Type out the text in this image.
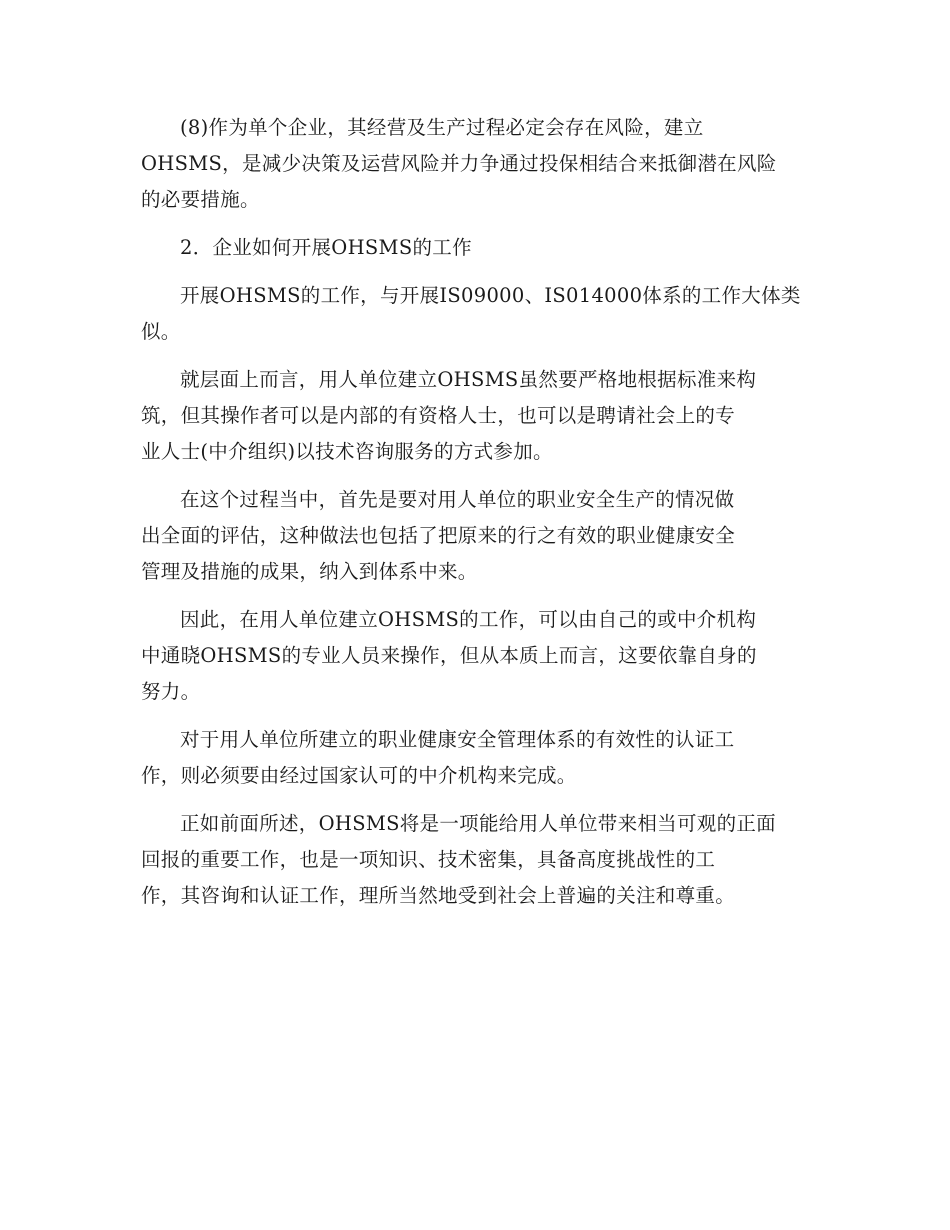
(8)作为单个企业，其经营及生产过程必定会存在风险，建立
OHSMS，是减少决策及运营风险并力争通过投保相结合来抵御潜在风险
的必要措施。

2．企业如何开展OHSMS的工作

开展OHSMS的工作，与开展IS09000、IS014000体系的工作大体类
似。

就层面上而言，用人单位建立OHSMS虽然要严格地根据标准来构
筑，但其操作者可以是内部的有资格人士，也可以是聘请社会上的专
业人士(中介组织)以技术咨询服务的方式参加。

在这个过程当中，首先是要对用人单位的职业安全生产的情况做
出全面的评估，这种做法也包括了把原来的行之有效的职业健康安全
管理及措施的成果，纳入到体系中来。

因此，在用人单位建立OHSMS的工作，可以由自己的或中介机构
中通晓OHSMS的专业人员来操作，但从本质上而言，这要依靠自身的
努力。

对于用人单位所建立的职业健康安全管理体系的有效性的认证工
作，则必须要由经过国家认可的中介机构来完成。

正如前面所述，OHSMS将是一项能给用人单位带来相当可观的正面
回报的重要工作，也是一项知识、技术密集，具备高度挑战性的工
作，其咨询和认证工作，理所当然地受到社会上普遍的关注和尊重。
